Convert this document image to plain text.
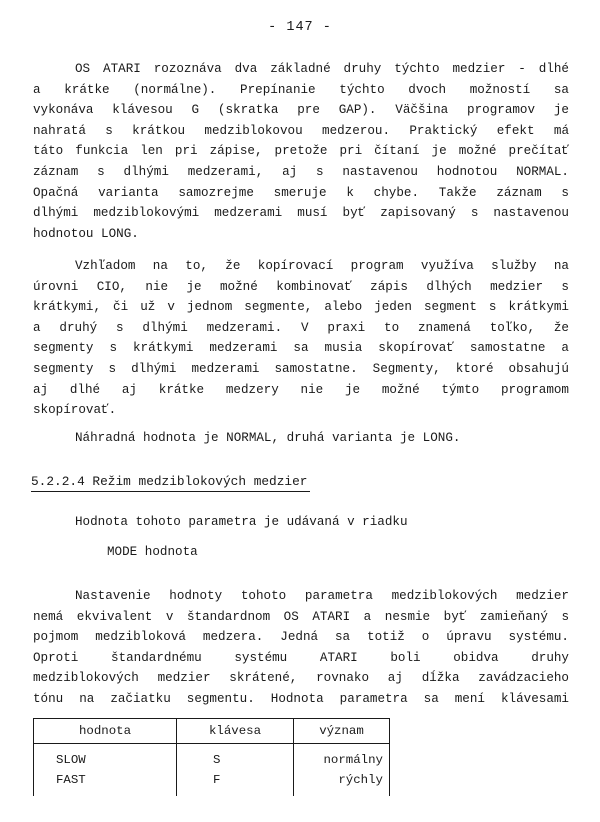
- 147 -
OS ATARI rozoznáva dva základné druhy týchto medzier - dlhé
a krátke (normálne). Prepínanie týchto dvoch možností sa
vykonáva klávesou G (skratka pre GAP). Väčšina programov je
nahratá s krátkou medziblokovou medzerou. Praktický efekt má
táto funkcia len pri zápise, pretože pri čítaní je možné prečítať
záznam s dlhými medzerami, aj s nastavenou hodnotou NORMAL.
Opačná varianta samozrejme smeruje k chybe. Takže záznam s
dlhými medziblokovými medzerami musí byť zapisovaný s nastavenou
hodnotou LONG.
Vzhľadom na to, že kopírovací program využíva služby na
úrovni CIO, nie je možné kombinovať zápis dlhých medzier s
krátkymi, či už v jednom segmente, alebo jeden segment s krátkymi
a druhý s dlhými medzerami. V praxi to znamená toľko, že
segmenty s krátkymi medzerami sa musia skopírovať samostatne a
segmenty s dlhými medzerami samostatne. Segmenty, ktoré obsahujú
aj dlhé aj krátke medzery nie je možné týmto programom
skopírovať.
Náhradná hodnota je NORMAL, druhá varianta je LONG.
5.2.2.4 Režim medziblokových medzier
Hodnota tohoto parametra je udávaná v riadku
MODE hodnota
Nastavenie hodnoty tohoto parametra medziblokových medzier
nemá ekvivalent v štandardnom OS ATARI a nesmie byť zamieňaný s
pojmom medzibloková medzera. Jedná sa totiž o úpravu systému.
Oproti štandardnému systému ATARI boli obidva druhy
medziblokových medzier skrátené, rovnako aj dĺžka zavádzacieho
tónu na začiatku segmentu. Hodnota parametra sa mení klávesami
hodnota	klávesa	význam
SLOW	S	normálny
FAST	F	rýchly
